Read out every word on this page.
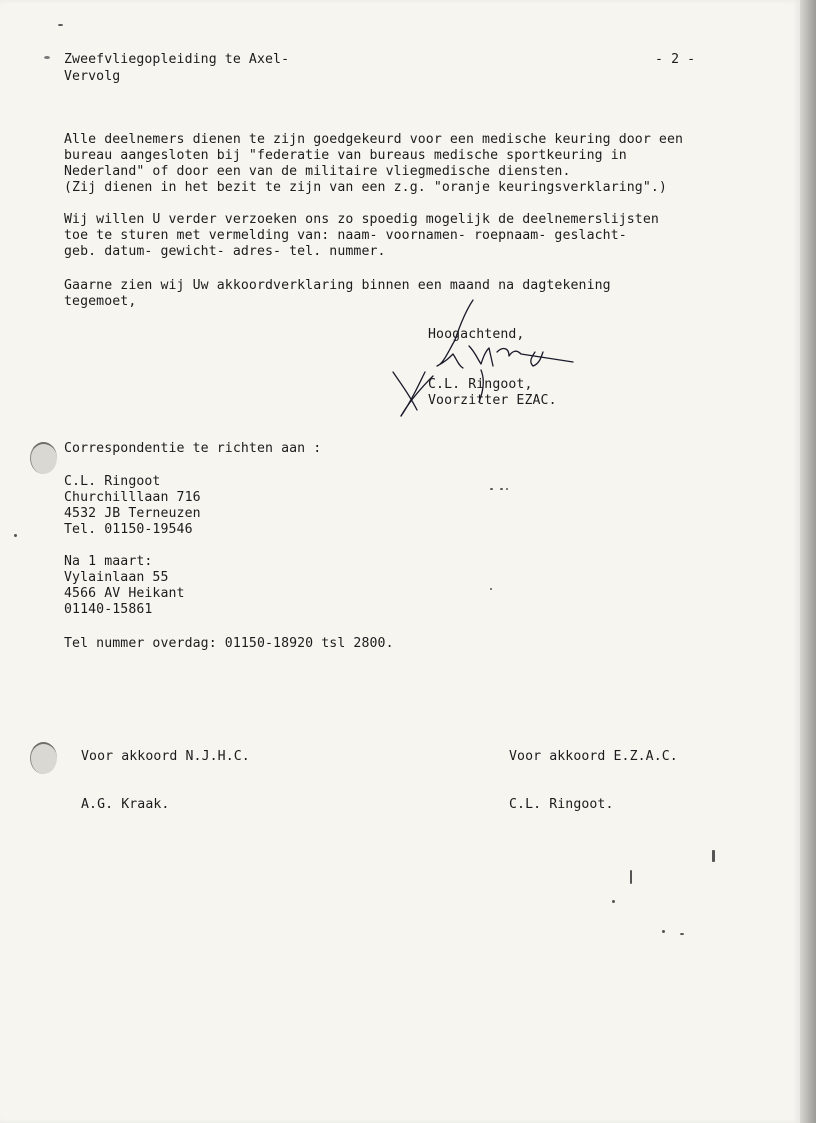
Zweefvliegopleiding te Axel-
Vervolg
- 2 -
Alle deelnemers dienen te zijn goedgekeurd voor een medische keuring door een
bureau aangesloten bij "federatie van bureaus medische sportkeuring in
Nederland" of door een van de militaire vliegmedische diensten.
(Zij dienen in het bezit te zijn van een z.g. "oranje keuringsverklaring".)
Wij willen U verder verzoeken ons zo spoedig mogelijk de deelnemerslijsten
toe te sturen met vermelding van: naam- voornamen- roepnaam- geslacht-
geb. datum- gewicht- adres- tel. nummer.
Gaarne zien wij Uw akkoordverklaring binnen een maand na dagtekening
tegemoet,
Hoogachtend,
C.L. Ringoot,
Voorzitter EZAC.
Correspondentie te richten aan :
C.L. Ringoot
Churchilllaan 716
4532 JB Terneuzen
Tel. 01150-19546
Na 1 maart:
Vylainlaan 55
4566 AV Heikant
01140-15861
Tel nummer overdag: 01150-18920 tsl 2800.
Voor akkoord N.J.H.C.	Voor akkoord E.Z.A.C.
A.G. Kraak.	C.L. Ringoot.
